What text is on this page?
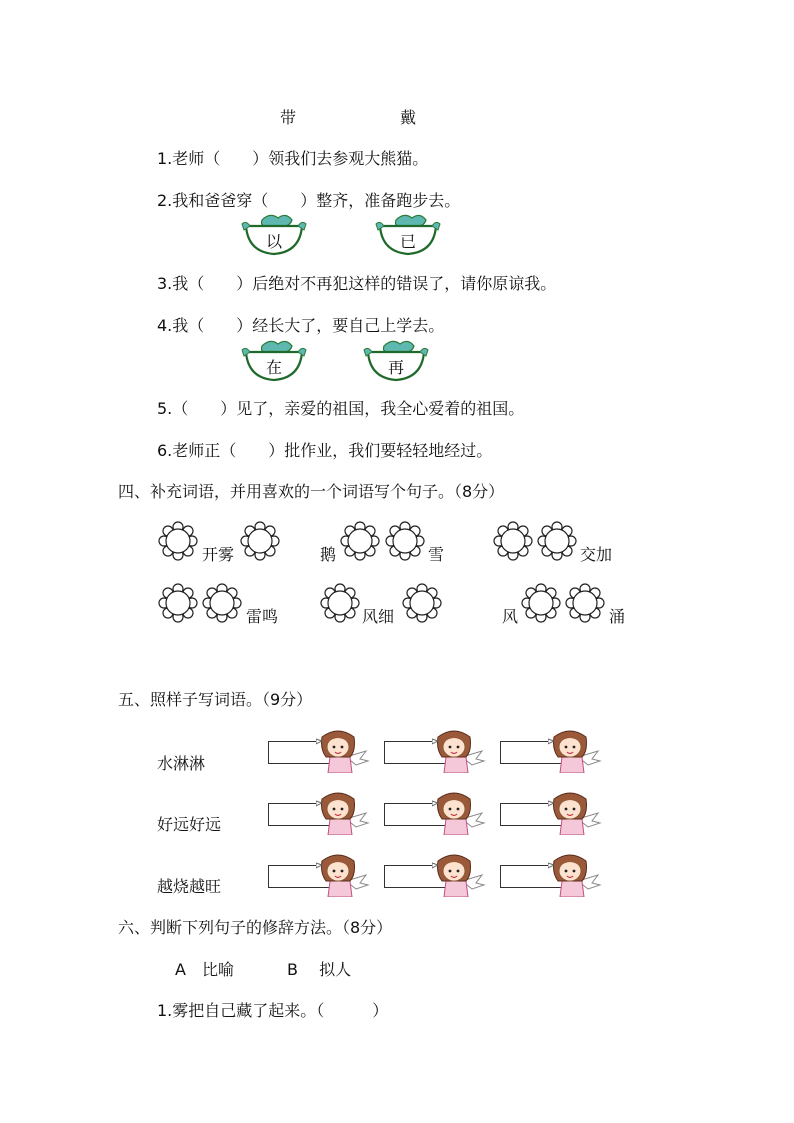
带	戴
1.老师（　　）领我们去参观大熊猫。
2.我和爸爸穿（　　）整齐，准备跑步去。
以	已
3.我（　　）后绝对不再犯这样的错误了，请你原谅我。
4.我（　　）经长大了，要自己上学去。
在	再
5.（　　）见了，亲爱的祖国，我全心爱着的祖国。
6.老师正（　　）批作业，我们要轻轻地经过。
四、补充词语，并用喜欢的一个词语写个句子。（8分）
开雾	鹅	雪	交加
雷鸣	风细	风	涌
五、照样子写词语。（9分）
水淋淋
好远好远
越烧越旺
六、判断下列句子的修辞方法。（8分）
A　比喻	B　 拟人
1.雾把自己藏了起来。（　　　）
